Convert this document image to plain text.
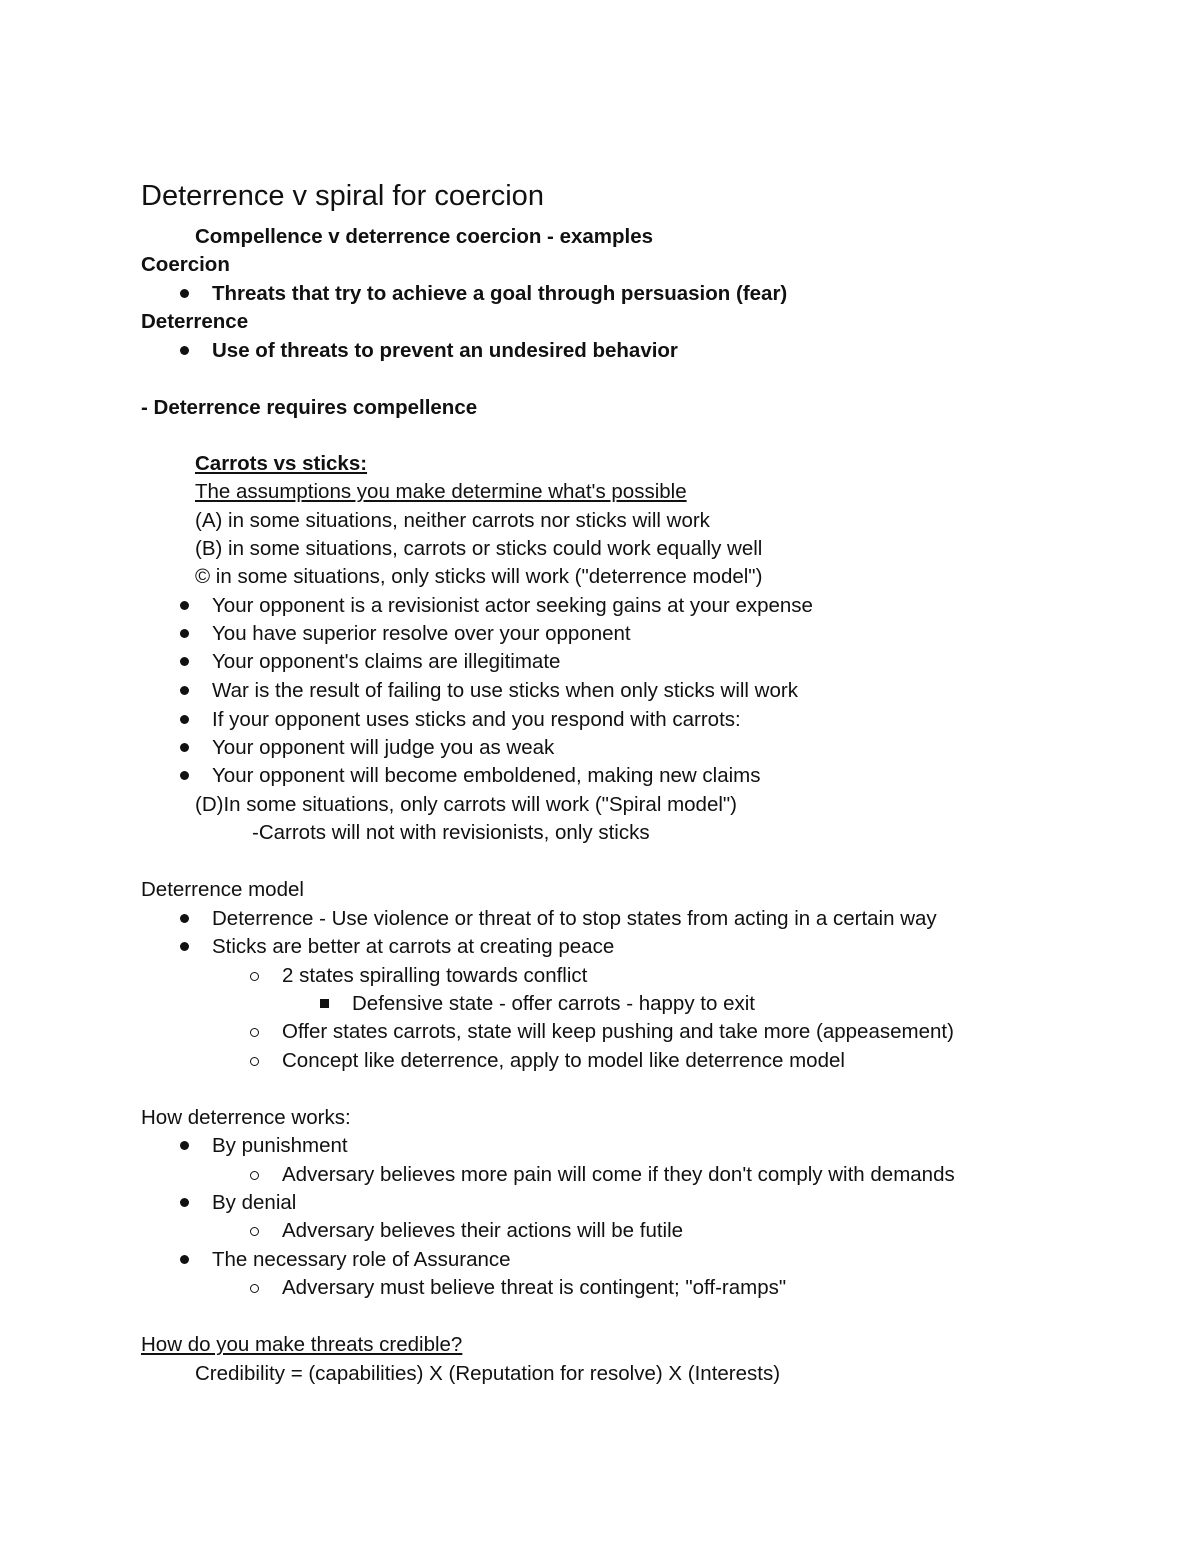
Deterrence v spiral for coercion
Compellence v deterrence coercion - examples
Coercion
Threats that try to achieve a goal through persuasion (fear)
Deterrence
Use of threats to prevent an undesired behavior
- Deterrence requires compellence
Carrots vs sticks:
The assumptions you make determine what's possible
(A) in some situations, neither carrots nor sticks will work
(B) in some situations, carrots or sticks could work equally well
© in some situations, only sticks will work ("deterrence model")
Your opponent is a revisionist actor seeking gains at your expense
You have superior resolve over your opponent
Your opponent's claims are illegitimate
War is the result of failing to use sticks when only sticks will work
If your opponent uses sticks and you respond with carrots:
Your opponent will judge you as weak
Your opponent will become emboldened, making new claims
(D)In some situations, only carrots will work ("Spiral model")
-Carrots will not with revisionists, only sticks
Deterrence model
Deterrence - Use violence or threat of to stop states from acting in a certain way
Sticks are better at carrots at creating peace
2 states spiralling towards conflict
Defensive state - offer carrots - happy to exit
Offer states carrots, state will keep pushing and take more (appeasement)
Concept like deterrence, apply to model like deterrence model
How deterrence works:
By punishment
Adversary believes more pain will come if they don't comply with demands
By denial
Adversary believes their actions will be futile
The necessary role of Assurance
Adversary must believe threat is contingent; "off-ramps"
How do you make threats credible?
Credibility = (capabilities) X (Reputation for resolve) X (Interests)
